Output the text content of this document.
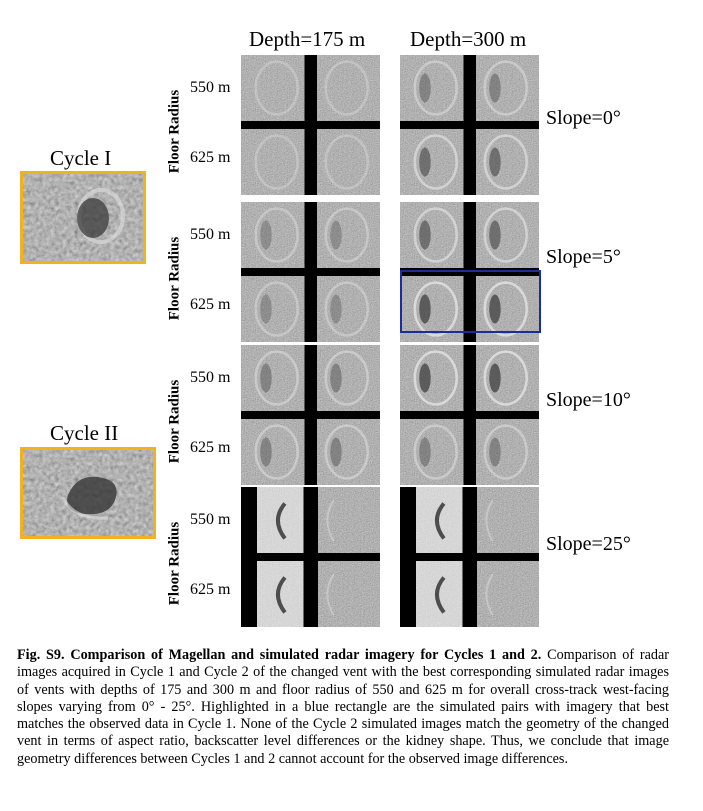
Depth=175 m Depth=300 m
Cycle I
Cycle II
Floor Radius
550 m
625 m
Slope=0°
Floor Radius
550 m
625 m
Slope=5°
Floor Radius
550 m
625 m
Slope=10°
Floor Radius
550 m
625 m
Slope=25°
Fig. S9. Comparison of Magellan and simulated radar imagery for Cycles 1 and 2. Comparison of radar images acquired in Cycle 1 and Cycle 2 of the changed vent with the best corresponding simulated radar images of vents with depths of 175 and 300 m and floor radius of 550 and 625 m for overall cross-track west-facing slopes varying from 0° - 25°. Highlighted in a blue rectangle are the simulated pairs with imagery that best matches the observed data in Cycle 1. None of the Cycle 2 simulated images match the geometry of the changed vent in terms of aspect ratio, backscatter level differences or the kidney shape. Thus, we conclude that image geometry differences between Cycles 1 and 2 cannot account for the observed image differences.
